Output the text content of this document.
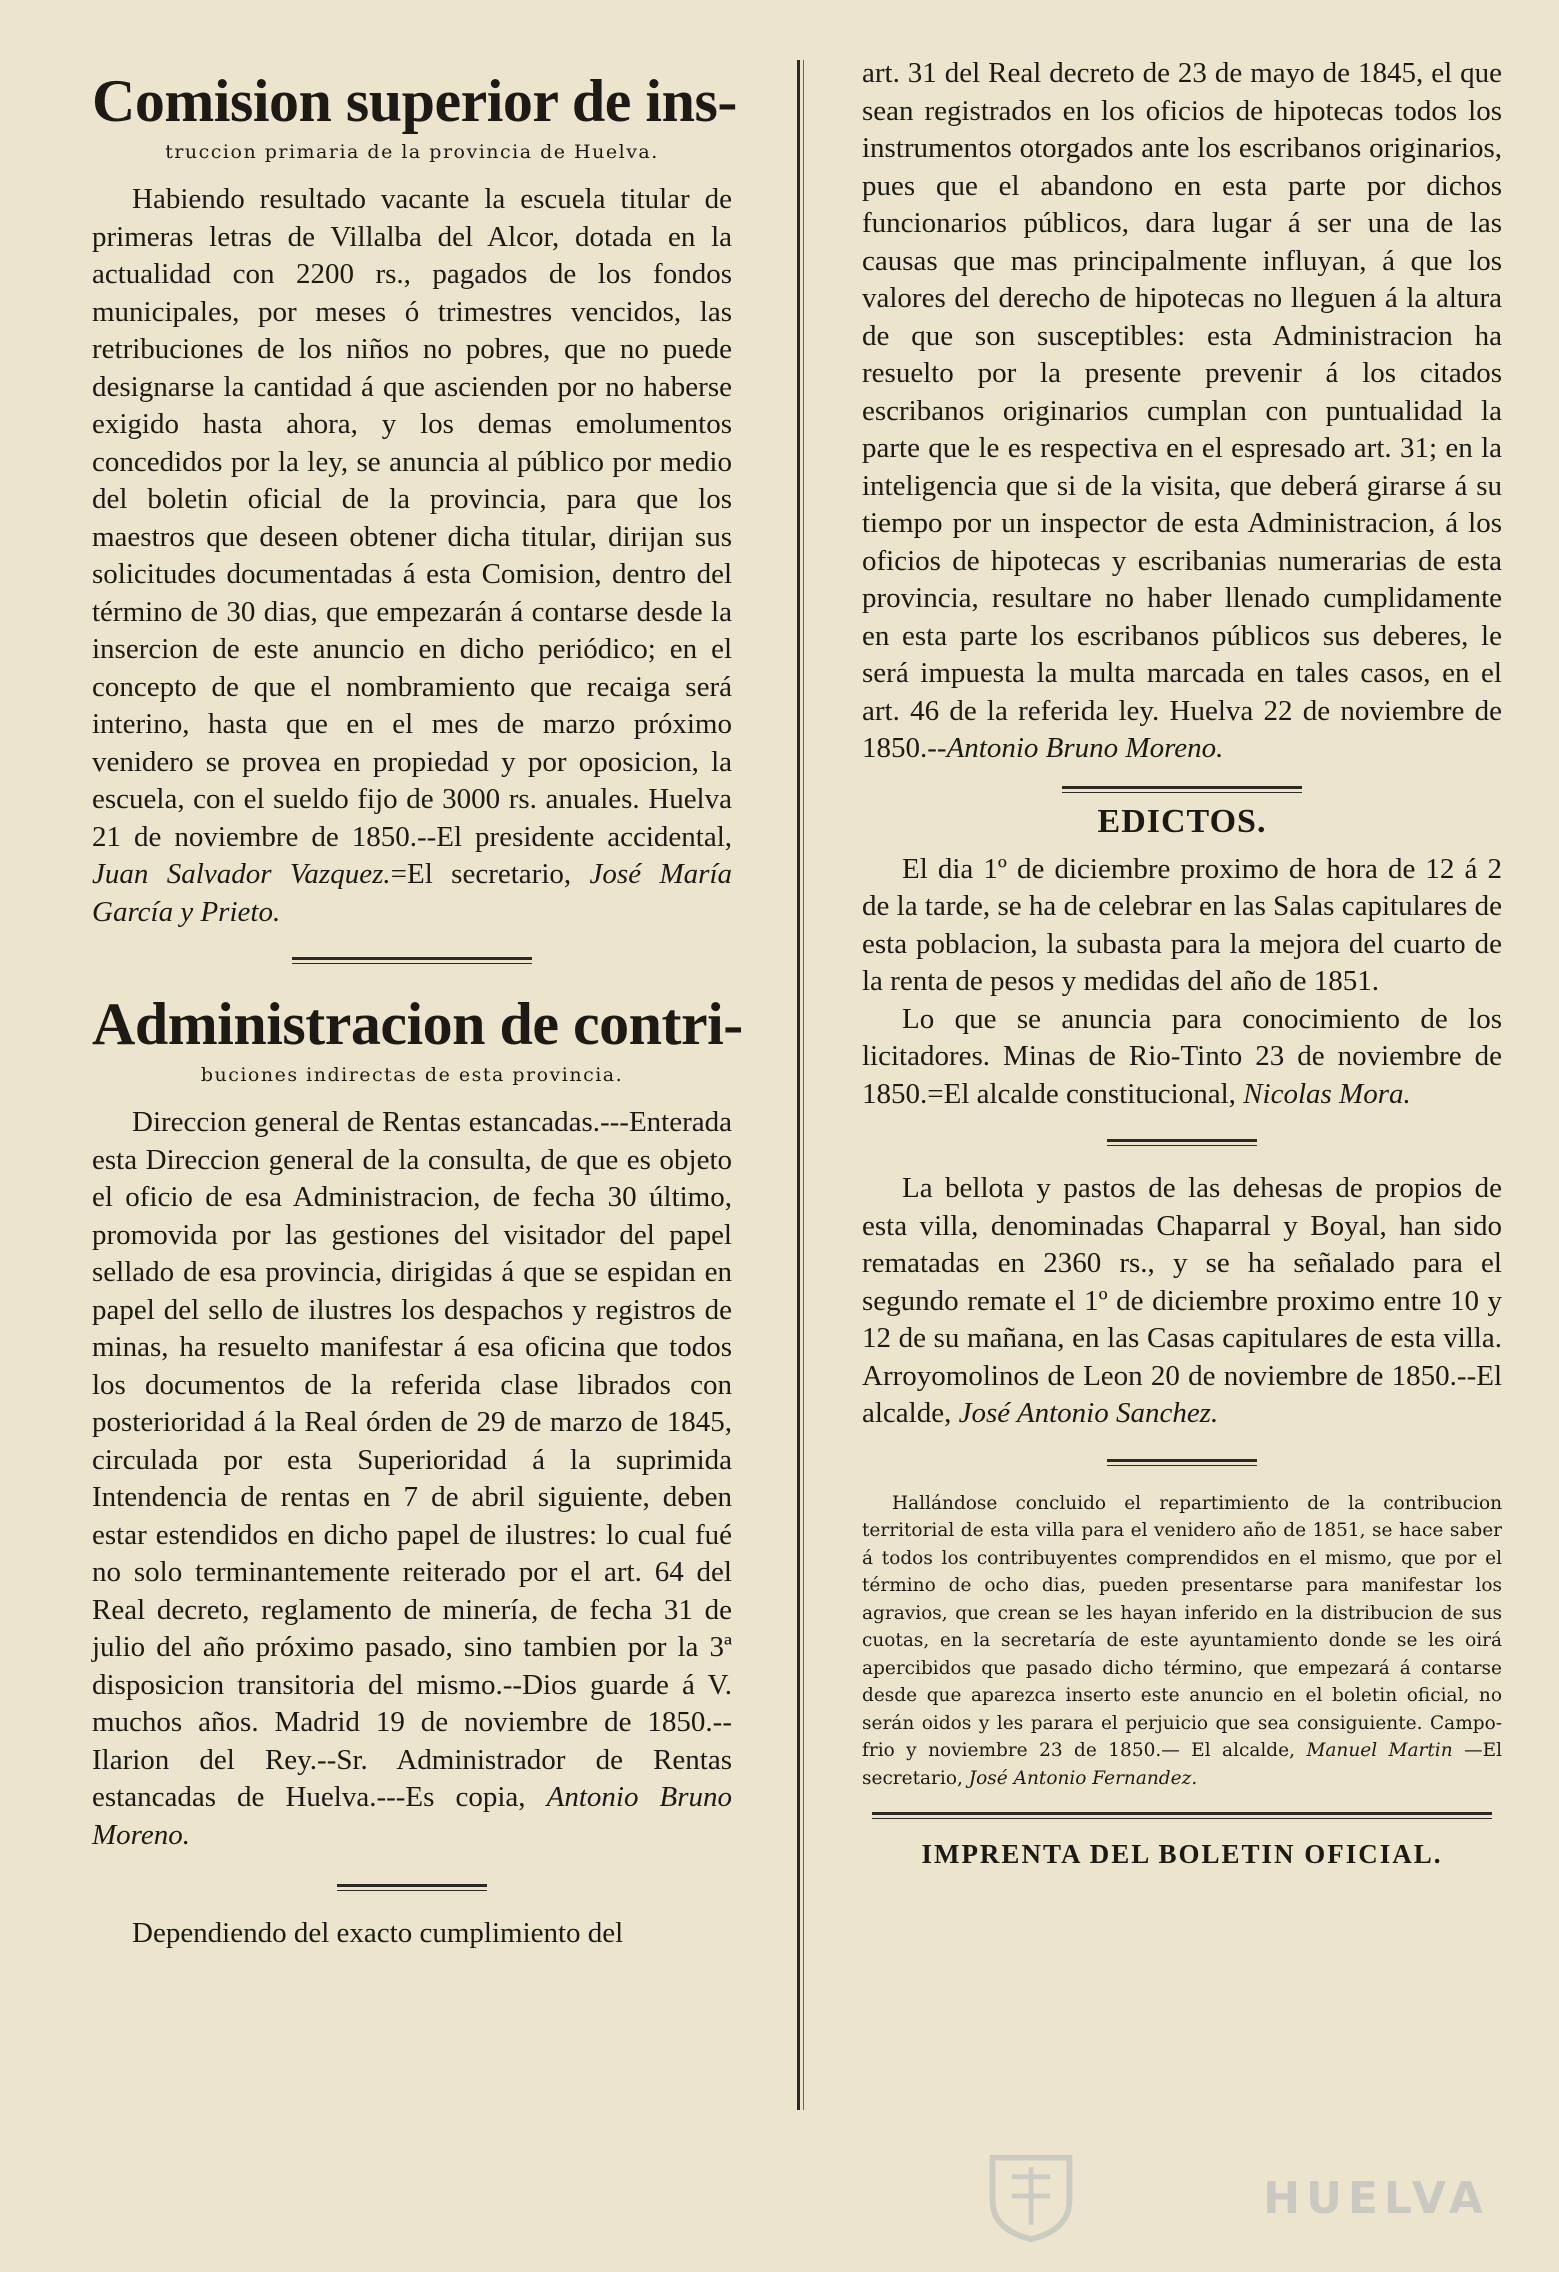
Comision superior de ins-
truccion primaria de la provincia de Huelva.

Habiendo resultado vacante la escuela titular de primeras letras de Villalba del Alcor, dotada en la actualidad con 2200 rs., pagados de los fondos municipales, por meses ó trimestres vencidos, las retribuciones de los niños no pobres, que no puede designarse la cantidad á que ascienden por no haberse exigido hasta ahora, y los demas emolumentos concedidos por la ley, se anuncia al público por medio del boletin oficial de la provincia, para que los maestros que deseen obtener dicha titular, dirijan sus solicitudes documentadas á esta Comision, dentro del término de 30 dias, que empezarán á contarse desde la insercion de este anuncio en dicho periódico; en el concepto de que el nombramiento que recaiga será interino, hasta que en el mes de marzo próximo venidero se provea en propiedad y por oposicion, la escuela, con el sueldo fijo de 3000 rs. anuales. Huelva 21 de noviembre de 1850.--El presidente accidental, Juan Salvador Vazquez.=El secretario, José María García y Prieto.

Administracion de contri-
buciones indirectas de esta provincia.

Direccion general de Rentas estancadas.---Enterada esta Direccion general de la consulta, de que es objeto el oficio de esa Administracion, de fecha 30 último, promovida por las gestiones del visitador del papel sellado de esa provincia, dirigidas á que se espidan en papel del sello de ilustres los despachos y registros de minas, ha resuelto manifestar á esa oficina que todos los documentos de la referida clase librados con posterioridad á la Real órden de 29 de marzo de 1845, circulada por esta Superioridad á la suprimida Intendencia de rentas en 7 de abril siguiente, deben estar estendidos en dicho papel de ilustres: lo cual fué no solo terminantemente reiterado por el art. 64 del Real decreto, reglamento de minería, de fecha 31 de julio del año próximo pasado, sino tambien por la 3ª disposicion transitoria del mismo.--Dios guarde á V. muchos años. Madrid 19 de noviembre de 1850.--Ilarion del Rey.--Sr. Administrador de Rentas estancadas de Huelva.---Es copia, Antonio Bruno Moreno.

Dependiendo del exacto cumplimiento del

art. 31 del Real decreto de 23 de mayo de 1845, el que sean registrados en los oficios de hipotecas todos los instrumentos otorgados ante los escribanos originarios, pues que el abandono en esta parte por dichos funcionarios públicos, dara lugar á ser una de las causas que mas principalmente influyan, á que los valores del derecho de hipotecas no lleguen á la altura de que son susceptibles: esta Administracion ha resuelto por la presente prevenir á los citados escribanos originarios cumplan con puntualidad la parte que le es respectiva en el espresado art. 31; en la inteligencia que si de la visita, que deberá girarse á su tiempo por un inspector de esta Administracion, á los oficios de hipotecas y escribanias numerarias de esta provincia, resultare no haber llenado cumplidamente en esta parte los escribanos públicos sus deberes, le será impuesta la multa marcada en tales casos, en el art. 46 de la referida ley. Huelva 22 de noviembre de 1850.--Antonio Bruno Moreno.

EDICTOS.

El dia 1º de diciembre proximo de hora de 12 á 2 de la tarde, se ha de celebrar en las Salas capitulares de esta poblacion, la subasta para la mejora del cuarto de la renta de pesos y medidas del año de 1851.

Lo que se anuncia para conocimiento de los licitadores. Minas de Rio-Tinto 23 de noviembre de 1850.=El alcalde constitucional, Nicolas Mora.

La bellota y pastos de las dehesas de propios de esta villa, denominadas Chaparral y Boyal, han sido rematadas en 2360 rs., y se ha señalado para el segundo remate el 1º de diciembre proximo entre 10 y 12 de su mañana, en las Casas capitulares de esta villa. Arroyomolinos de Leon 20 de noviembre de 1850.--El alcalde, José Antonio Sanchez.

Hallándose concluido el repartimiento de la contribucion territorial de esta villa para el venidero año de 1851, se hace saber á todos los contribuyentes comprendidos en el mismo, que por el término de ocho dias, pueden presentarse para manifestar los agravios, que crean se les hayan inferido en la distribucion de sus cuotas, en la secretaría de este ayuntamiento donde se les oirá apercibidos que pasado dicho término, que empezará á contarse desde que aparezca inserto este anuncio en el boletin oficial, no serán oidos y les parara el perjuicio que sea consiguiente. Campo-frio y noviembre 23 de 1850.— El alcalde, Manuel Martin —El secretario, José Antonio Fernandez.

IMPRENTA DEL BOLETIN OFICIAL.
HUELVA
